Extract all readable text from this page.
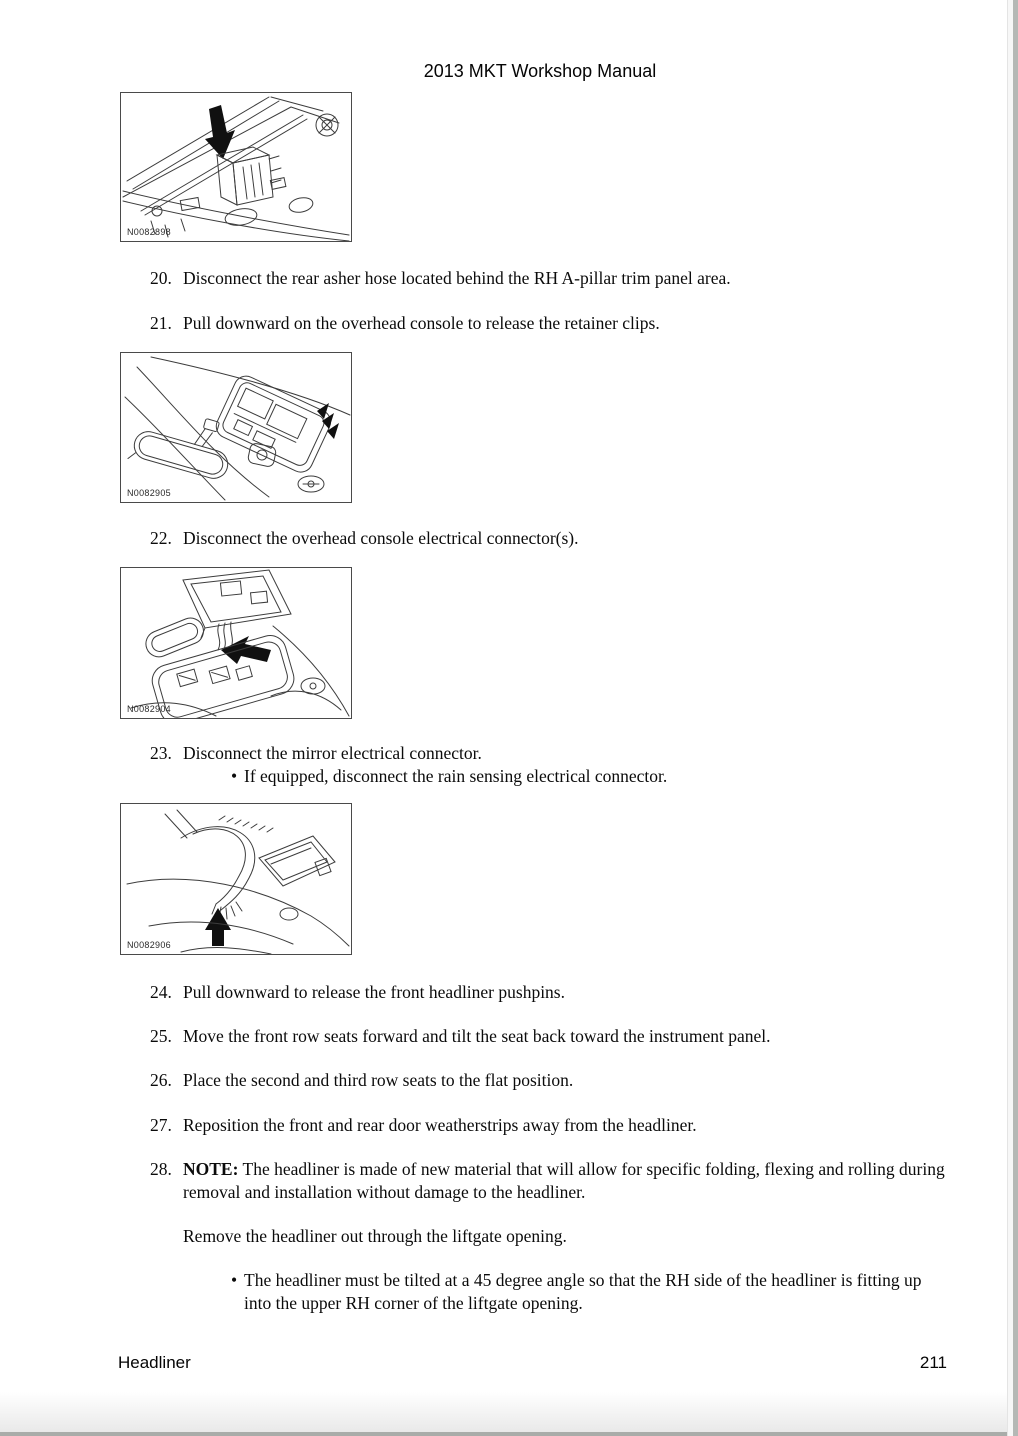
2013 MKT Workshop Manual
N0082898
20. Disconnect the rear asher hose located behind the RH A-pillar trim panel area.
21. Pull downward on the overhead console to release the retainer clips.
N0082905
22. Disconnect the overhead console electrical connector(s).
N0082904
23. Disconnect the mirror electrical connector.
• If equipped, disconnect the rain sensing electrical connector.
N0082906
24. Pull downward to release the front headliner pushpins.
25. Move the front row seats forward and tilt the seat back toward the instrument panel.
26. Place the second and third row seats to the flat position.
27. Reposition the front and rear door weatherstrips away from the headliner.
28. NOTE: The headliner is made of new material that will allow for specific folding, flexing and rolling during removal and installation without damage to the headliner.
Remove the headliner out through the liftgate opening.
• The headliner must be tilted at a 45 degree angle so that the RH side of the headliner is fitting up into the upper RH corner of the liftgate opening.
Headliner	211
